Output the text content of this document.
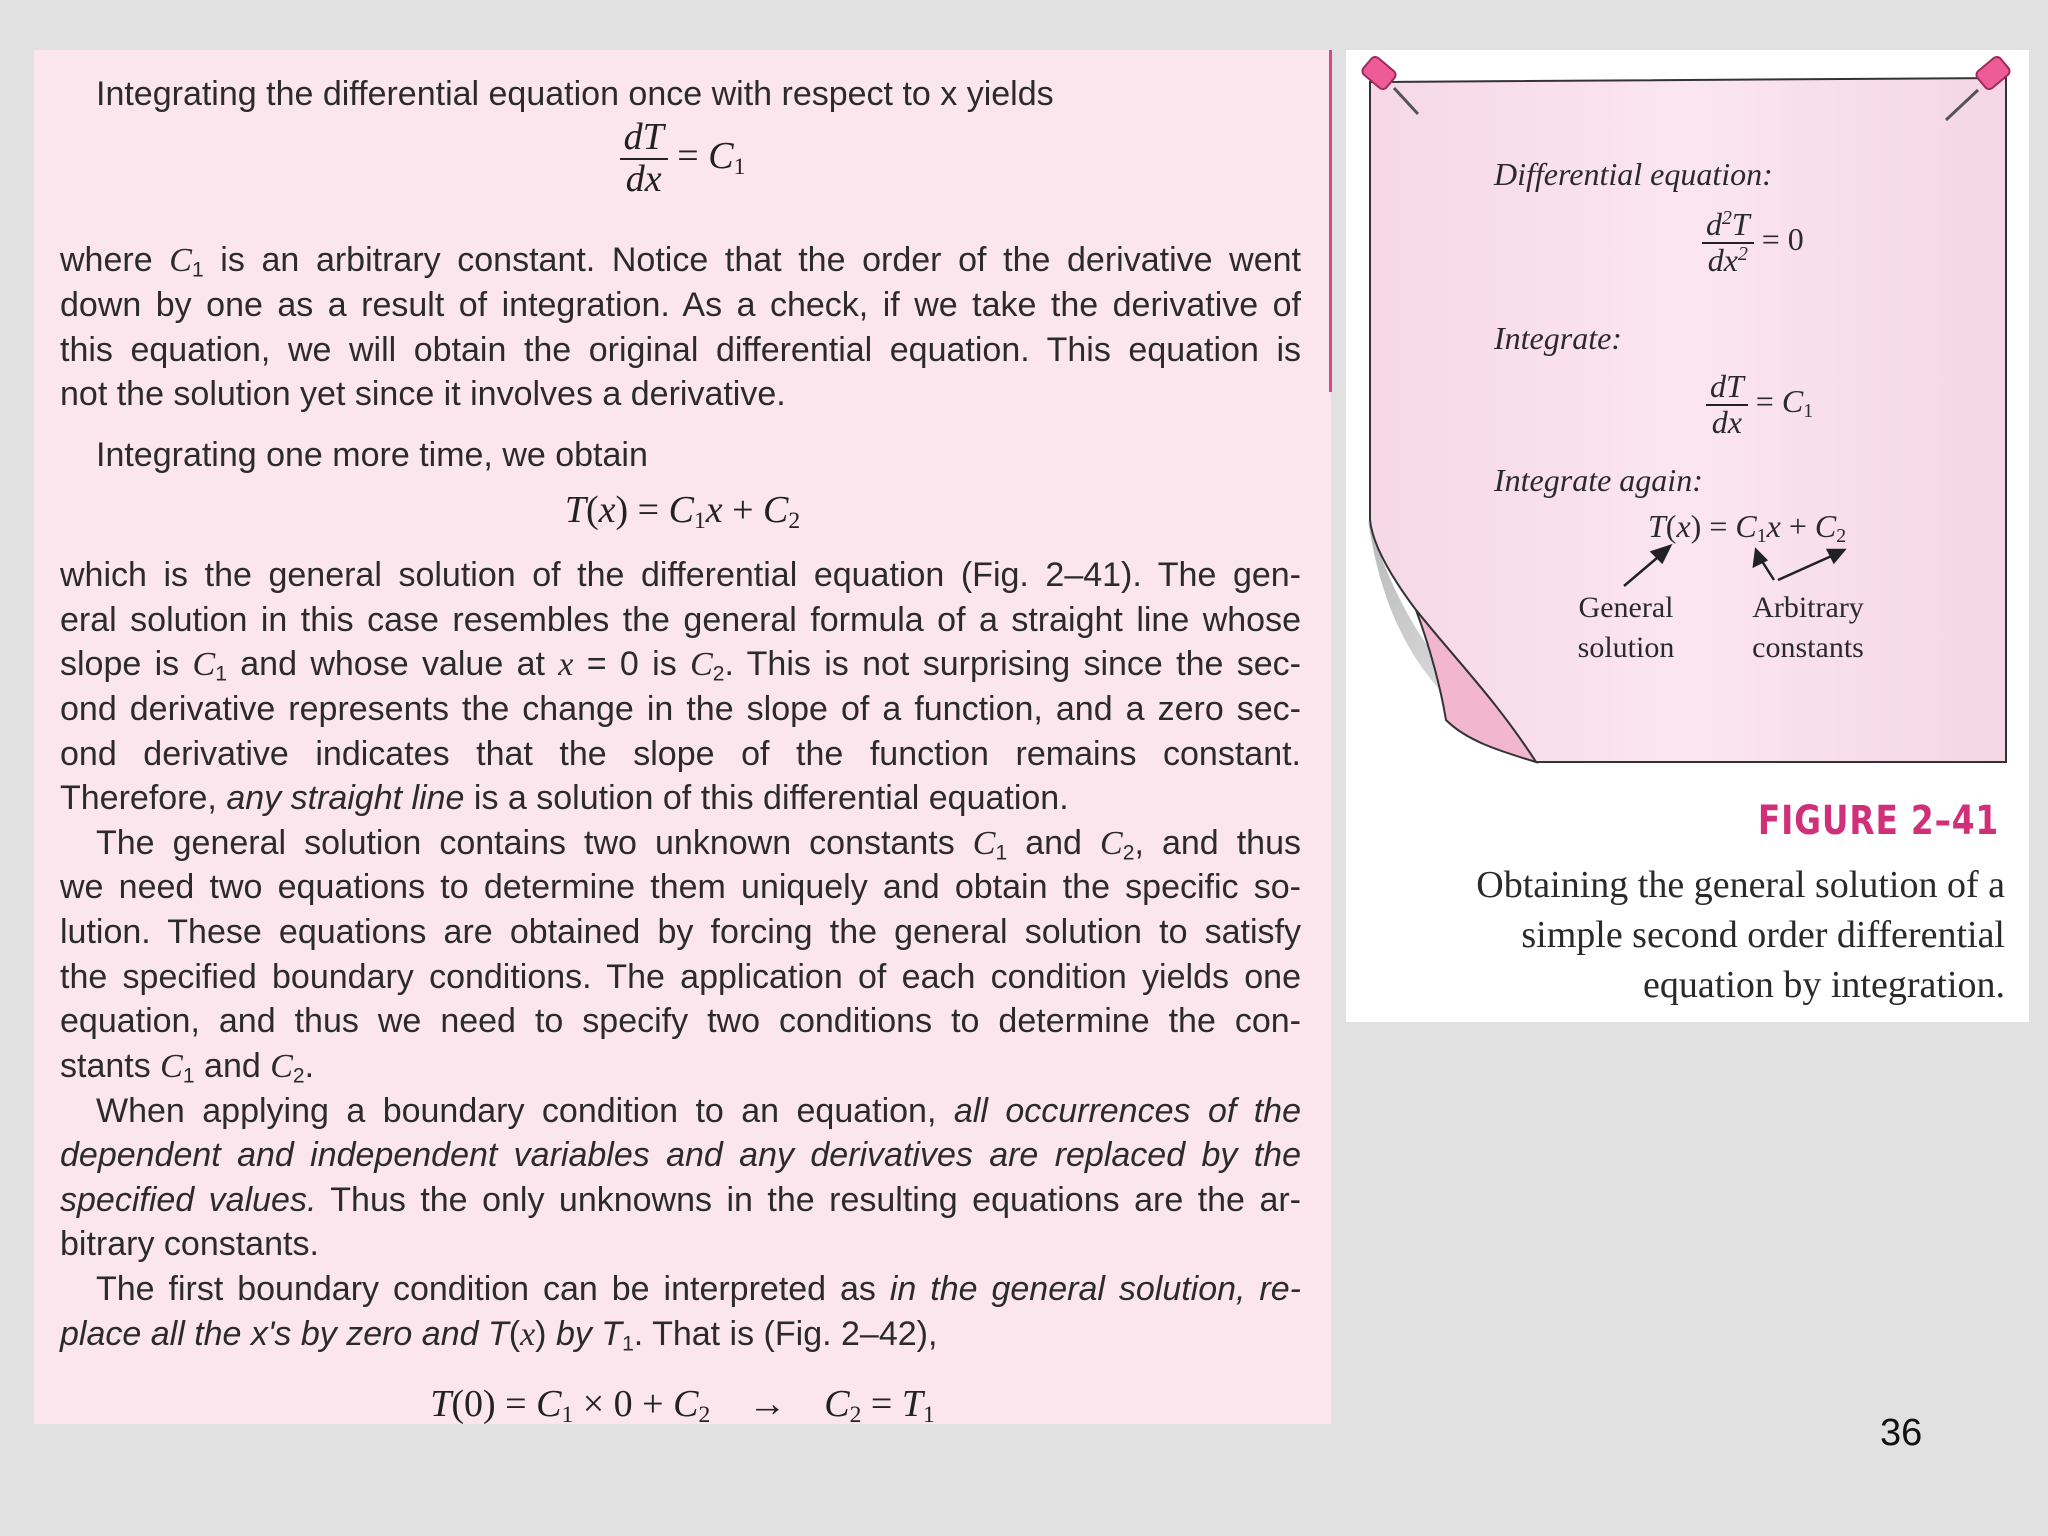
Integrating the differential equation once with respect to x yields
$\frac{dT}{dx} = C_1$
where $C_1$ is an arbitrary constant. Notice that the order of the derivative went
down by one as a result of integration. As a check, if we take the derivative of
this equation, we will obtain the original differential equation. This equation is
not the solution yet since it involves a derivative.
Integrating one more time, we obtain
$T(x) = C_1x + C_2$
which is the general solution of the differential equation (Fig. 2–41). The gen-
eral solution in this case resembles the general formula of a straight line whose
slope is $C_1$ and whose value at x = 0 is $C_2$. This is not surprising since the sec-
ond derivative represents the change in the slope of a function, and a zero sec-
ond derivative indicates that the slope of the function remains constant.
Therefore, any straight line is a solution of this differential equation.
The general solution contains two unknown constants $C_1$ and $C_2$, and thus
we need two equations to determine them uniquely and obtain the specific so-
lution. These equations are obtained by forcing the general solution to satisfy
the specified boundary conditions. The application of each condition yields one
equation, and thus we need to specify two conditions to determine the con-
stants $C_1$ and $C_2$.
When applying a boundary condition to an equation, all occurrences of the
dependent and independent variables and any derivatives are replaced by the
specified values. Thus the only unknowns in the resulting equations are the ar-
bitrary constants.
The first boundary condition can be interpreted as in the general solution, re-
place all the x's by zero and T(x) by $T_1$. That is (Fig. 2–42),
$T(0) = C_1 \times 0 + C_2$    →    $C_2 = T_1$
Differential equation:
$\frac{d^2T}{dx^2} = 0$
Integrate:
$\frac{dT}{dx} = C_1$
Integrate again:
$T(x) = C_1x + C_2$
General
solution
Arbitrary
constants
FIGURE 2–41
Obtaining the general solution of a
simple second order differential
equation by integration.
36
